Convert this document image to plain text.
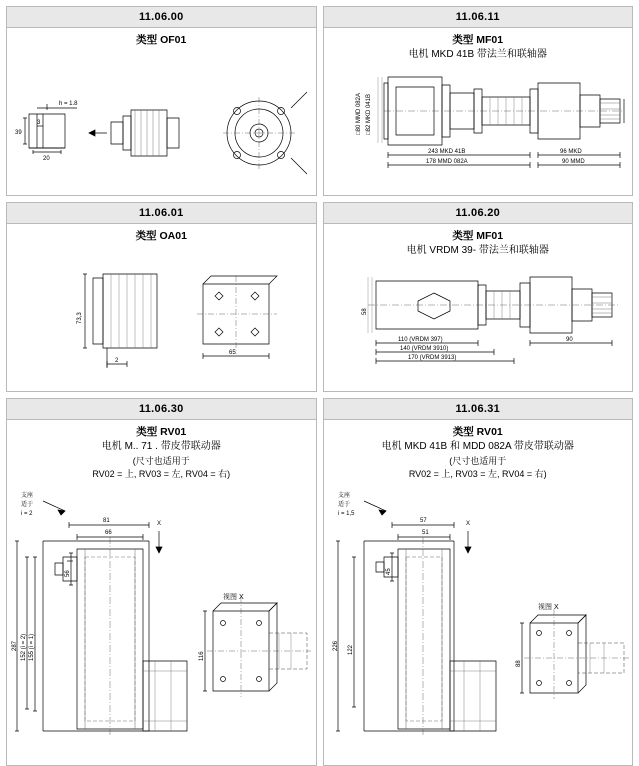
11.06.00
类型 OF01
h = 1.8
20
39
3
11.06.11
类型 MF01
电机 MKD 41B 带法兰和联轴器
□80 MMD 082A □82 MKD 041B
243 MKD 41B
178 MMD 082A
96 MKD
90 MMD
11.06.01
类型 OA01
2
73,3
65
11.06.20
类型 MF01
电机 VRDM 39- 带法兰和联轴器
58
110 (VRDM 397)
140 (VRDM 3910)
170 (VRDM 3913)
90
11.06.30
类型 RV01
电机 M.. 71 . 带皮带联动器
(尺寸也适用于
RV02 = 上, RV03 = 左, RV04 = 右)
支座
适于
i = 2
81
66
X
56
155 (i = 1)
152 (i = 2)
287
视图 X
116
11.06.31
类型 RV01
电机 MKD 41B 和 MDD 082A 带皮带联动器
(尺寸也适用于
RV02 = 上, RV03 = 左, RV04 = 右)
支座
适于
i = 1,5
57
51
X
45
122
226
视图 X
88
